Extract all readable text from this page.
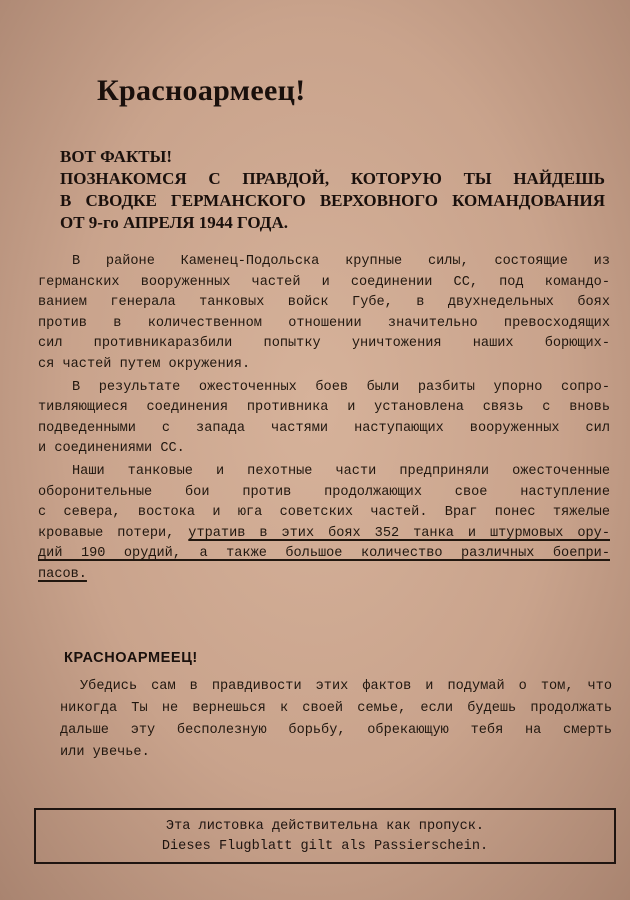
Красноармеец!
ВОТ ФАКТЫ!
ПОЗНАКОМСЯ С ПРАВДОЙ, КОТОРУЮ ТЫ НАЙДЕШЬ
В СВОДКЕ ГЕРМАНСКОГО ВЕРХОВНОГО КОМАНДОВАНИЯ
ОТ 9-го АПРЕЛЯ 1944 ГОДА.
В районе Каменец-Подольска крупные силы, состоящие из
германских вооруженных частей и соединении СС, под командо-
ванием генерала танковых войск Губе, в двухнедельных боях
против в количественном отношении значительно превосходящих
сил противникаразбили попытку уничтожения наших борющих-
ся частей путем окружения.
В результате ожесточенных боев были разбиты упорно сопро-
тивляющиеся соединения противника и установлена связь с вновь
подведенными с запада частями наступающих вооруженных сил
и соединениями СС.
Наши танковые и пехотные части предприняли ожесточенные
оборонительные бои против продолжающих свое наступление
с севера, востока и юга советских частей. Враг понес тяжелые
кровавые потери, утратив в этих боях 352 танка и штурмовых ору-
дий 190 орудий, а также большое количество различных боепри-
пасов.
КРАСНОАРМЕЕЦ!
Убедись сам в правдивости этих фактов и подумай о том, что
никогда Ты не вернешься к своей семье, если будешь продолжать
дальше эту бесполезную борьбу, обрекающую тебя на смерть
или увечье.
Эта листовка действительна как пропуск.
Dieses Flugblatt gilt als Passierschein.
